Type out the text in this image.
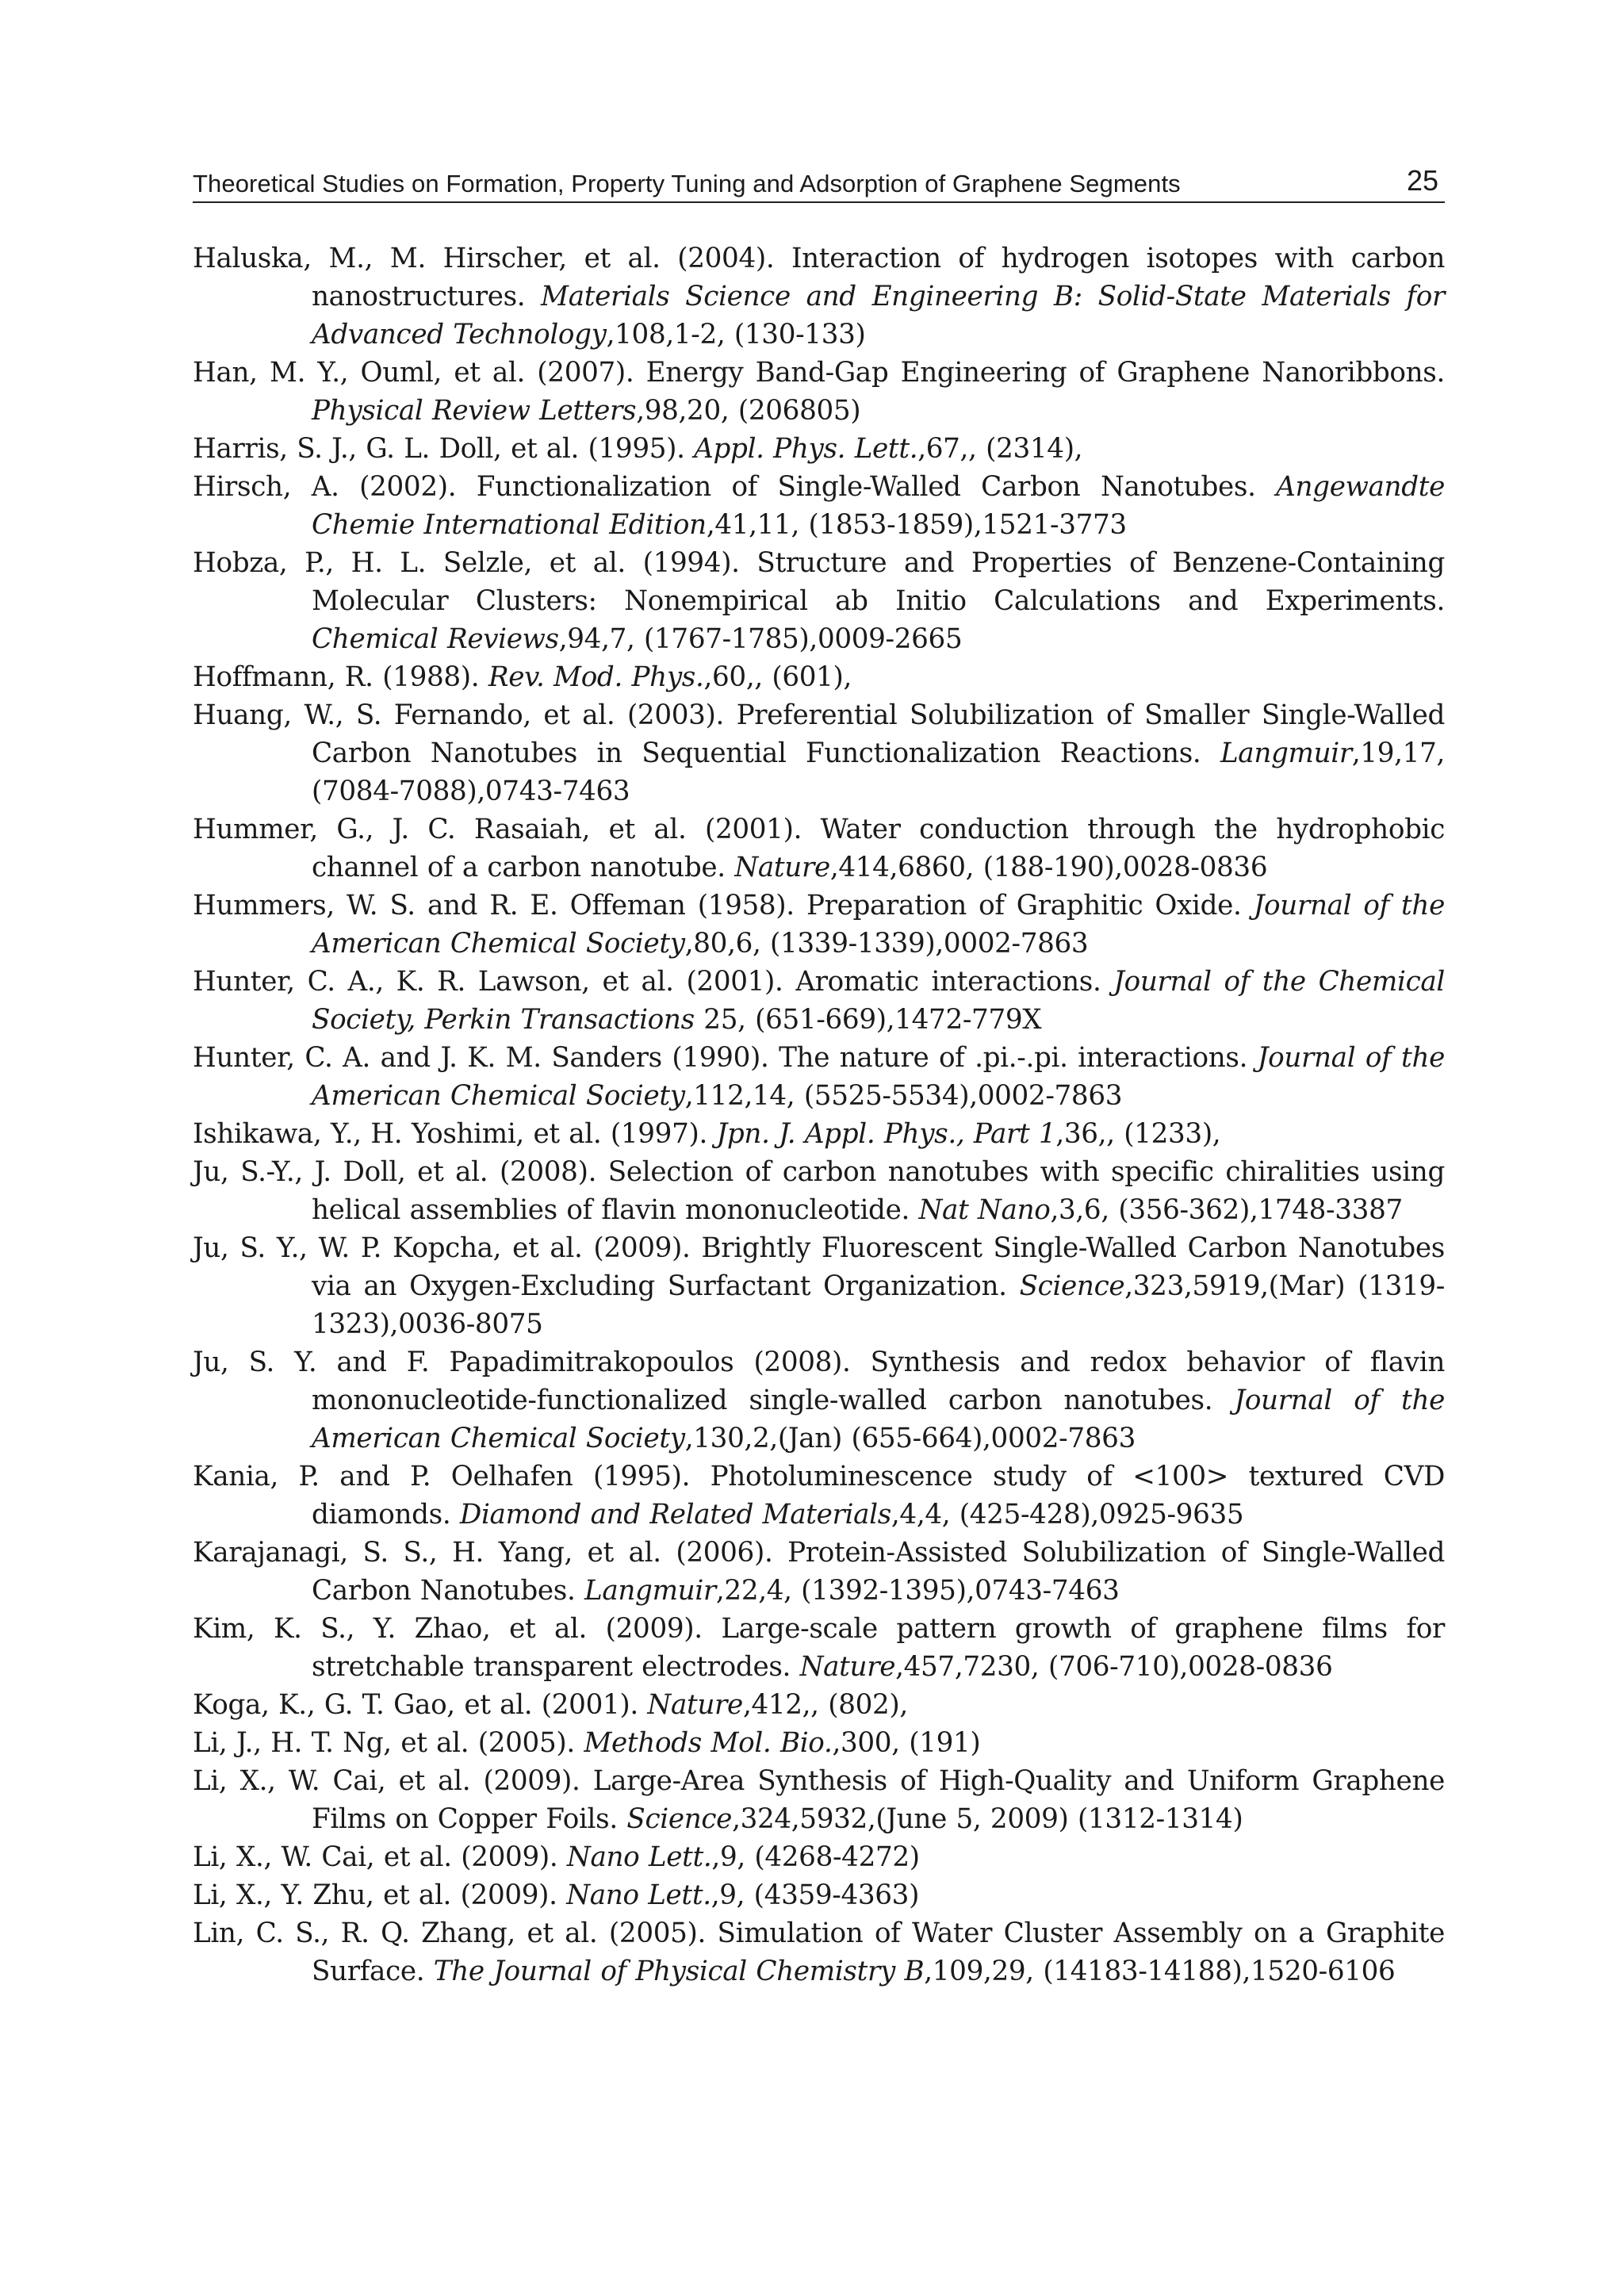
Theoretical Studies on Formation, Property Tuning and Adsorption of Graphene Segments	25

Haluska, M., M. Hirscher, et al. (2004). Interaction of hydrogen isotopes with carbon nanostructures. Materials Science and Engineering B: Solid-State Materials for Advanced Technology,108,1-2, (130-133)

Han, M. Y., Ouml, et al. (2007). Energy Band-Gap Engineering of Graphene Nanoribbons. Physical Review Letters,98,20, (206805)

Harris, S. J., G. L. Doll, et al. (1995). Appl. Phys. Lett.,67,, (2314),

Hirsch, A. (2002). Functionalization of Single-Walled Carbon Nanotubes. Angewandte Chemie International Edition,41,11, (1853-1859),1521-3773

Hobza, P., H. L. Selzle, et al. (1994). Structure and Properties of Benzene-Containing Molecular Clusters: Nonempirical ab Initio Calculations and Experiments. Chemical Reviews,94,7, (1767-1785),0009-2665

Hoffmann, R. (1988). Rev. Mod. Phys.,60,, (601),

Huang, W., S. Fernando, et al. (2003). Preferential Solubilization of Smaller Single-Walled Carbon Nanotubes in Sequential Functionalization Reactions. Langmuir,19,17, (7084-7088),0743-7463

Hummer, G., J. C. Rasaiah, et al. (2001). Water conduction through the hydrophobic channel of a carbon nanotube. Nature,414,6860, (188-190),0028-0836

Hummers, W. S. and R. E. Offeman (1958). Preparation of Graphitic Oxide. Journal of the American Chemical Society,80,6, (1339-1339),0002-7863

Hunter, C. A., K. R. Lawson, et al. (2001). Aromatic interactions. Journal of the Chemical Society, Perkin Transactions 25, (651-669),1472-779X

Hunter, C. A. and J. K. M. Sanders (1990). The nature of .pi.-.pi. interactions. Journal of the American Chemical Society,112,14, (5525-5534),0002-7863

Ishikawa, Y., H. Yoshimi, et al. (1997). Jpn. J. Appl. Phys., Part 1,36,, (1233),

Ju, S.-Y., J. Doll, et al. (2008). Selection of carbon nanotubes with specific chiralities using helical assemblies of flavin mononucleotide. Nat Nano,3,6, (356-362),1748-3387

Ju, S. Y., W. P. Kopcha, et al. (2009). Brightly Fluorescent Single-Walled Carbon Nanotubes via an Oxygen-Excluding Surfactant Organization. Science,323,5919,(Mar) (1319-1323),0036-8075

Ju, S. Y. and F. Papadimitrakopoulos (2008). Synthesis and redox behavior of flavin mononucleotide-functionalized single-walled carbon nanotubes. Journal of the American Chemical Society,130,2,(Jan) (655-664),0002-7863

Kania, P. and P. Oelhafen (1995). Photoluminescence study of <100> textured CVD diamonds. Diamond and Related Materials,4,4, (425-428),0925-9635

Karajanagi, S. S., H. Yang, et al. (2006). Protein-Assisted Solubilization of Single-Walled Carbon Nanotubes. Langmuir,22,4, (1392-1395),0743-7463

Kim, K. S., Y. Zhao, et al. (2009). Large-scale pattern growth of graphene films for stretchable transparent electrodes. Nature,457,7230, (706-710),0028-0836

Koga, K., G. T. Gao, et al. (2001). Nature,412,, (802),

Li, J., H. T. Ng, et al. (2005). Methods Mol. Bio.,300, (191)

Li, X., W. Cai, et al. (2009). Large-Area Synthesis of High-Quality and Uniform Graphene Films on Copper Foils. Science,324,5932,(June 5, 2009) (1312-1314)

Li, X., W. Cai, et al. (2009). Nano Lett.,9, (4268-4272)

Li, X., Y. Zhu, et al. (2009). Nano Lett.,9, (4359-4363)

Lin, C. S., R. Q. Zhang, et al. (2005). Simulation of Water Cluster Assembly on a Graphite Surface. The Journal of Physical Chemistry B,109,29, (14183-14188),1520-6106
